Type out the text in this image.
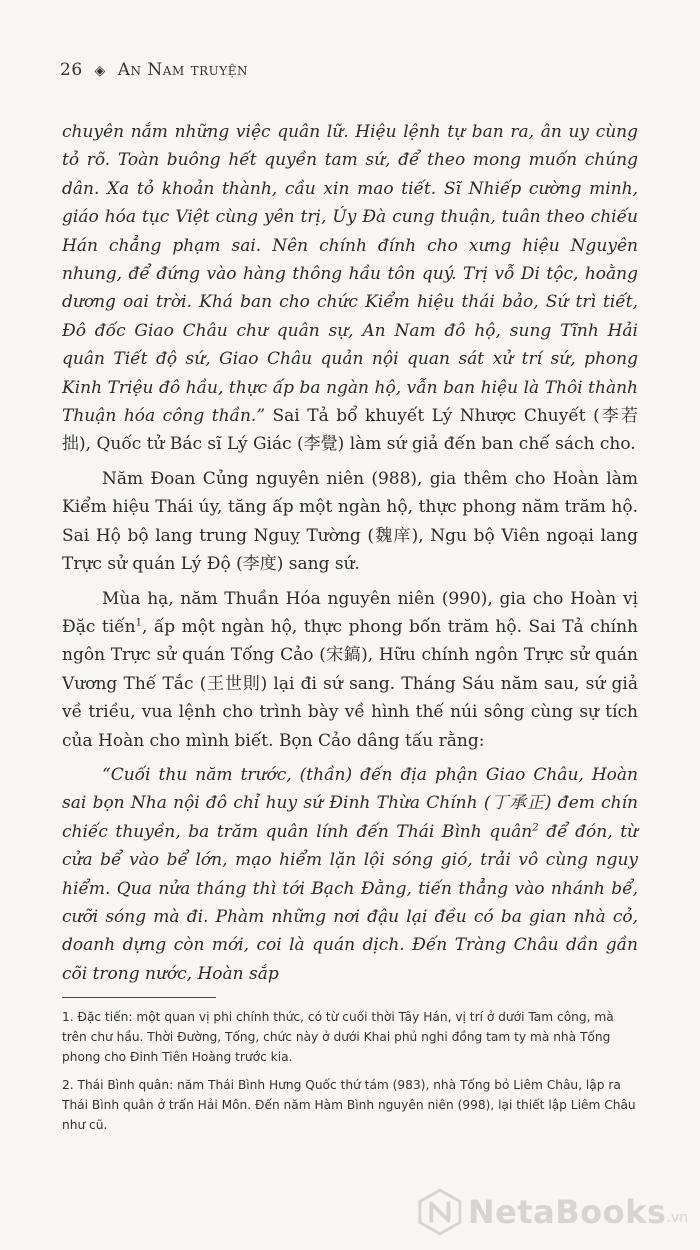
26 ◈ An Nam truyện

chuyên nắm những việc quân lữ. Hiệu lệnh tự ban ra, ân uy cùng tỏ rõ. Toàn buông hết quyền tam sứ, để theo mong muốn chúng dân. Xa tỏ khoản thành, cầu xin mao tiết. Sĩ Nhiếp cường minh, giáo hóa tục Việt cùng yên trị, Úy Đà cung thuận, tuân theo chiếu Hán chẳng phạm sai. Nên chính đính cho xưng hiệu Nguyên nhung, để đứng vào hàng thông hầu tôn quý. Trị vỗ Di tộc, hoằng dương oai trời. Khá ban cho chức Kiểm hiệu thái bảo, Sứ trì tiết, Đô đốc Giao Châu chư quân sự, An Nam đô hộ, sung Tĩnh Hải quân Tiết độ sứ, Giao Châu quản nội quan sát xử trí sứ, phong Kinh Triệu đô hầu, thực ấp ba ngàn hộ, vẫn ban hiệu là Thôi thành Thuận hóa công thần.” Sai Tả bổ khuyết Lý Nhược Chuyết (李若拙), Quốc tử Bác sĩ Lý Giác (李覺) làm sứ giả đến ban chế sách cho.

Năm Đoan Củng nguyên niên (988), gia thêm cho Hoàn làm Kiểm hiệu Thái úy, tăng ấp một ngàn hộ, thực phong năm trăm hộ. Sai Hộ bộ lang trung Nguỵ Tường (魏庠), Ngu bộ Viên ngoại lang Trực sử quán Lý Độ (李度) sang sứ.

Mùa hạ, năm Thuần Hóa nguyên niên (990), gia cho Hoàn vị Đặc tiến$^1$, ấp một ngàn hộ, thực phong bốn trăm hộ. Sai Tả chính ngôn Trực sử quán Tống Cảo (宋鎬), Hữu chính ngôn Trực sử quán Vương Thế Tắc (王世則) lại đi sứ sang. Tháng Sáu năm sau, sứ giả về triều, vua lệnh cho trình bày về hình thế núi sông cùng sự tích của Hoàn cho mình biết. Bọn Cảo dâng tấu rằng:

“Cuối thu năm trước, (thần) đến địa phận Giao Châu, Hoàn sai bọn Nha nội đô chỉ huy sứ Đinh Thừa Chính (丁承正) đem chín chiếc thuyền, ba trăm quân lính đến Thái Bình quân$^2$ để đón, từ cửa bể vào bể lớn, mạo hiểm lặn lội sóng gió, trải vô cùng nguy hiểm. Qua nửa tháng thì tới Bạch Đằng, tiến thẳng vào nhánh bể, cưỡi sóng mà đi. Phàm những nơi đậu lại đều có ba gian nhà cỏ, doanh dựng còn mới, coi là quán dịch. Đến Tràng Châu dần gần cõi trong nước, Hoàn sắp

1. Đặc tiến: một quan vị phi chính thức, có từ cuối thời Tây Hán, vị trí ở dưới Tam công, mà trên chư hầu. Thời Đường, Tống, chức này ở dưới Khai phủ nghi đồng tam ty mà nhà Tống phong cho Đinh Tiên Hoàng trước kia.

2. Thái Bình quân: năm Thái Bình Hưng Quốc thứ tám (983), nhà Tống bỏ Liêm Châu, lập ra Thái Bình quân ở trấn Hải Môn. Đến năm Hàm Bình nguyên niên (998), lại thiết lập Liêm Châu như cũ.

NetaBooks .vn
